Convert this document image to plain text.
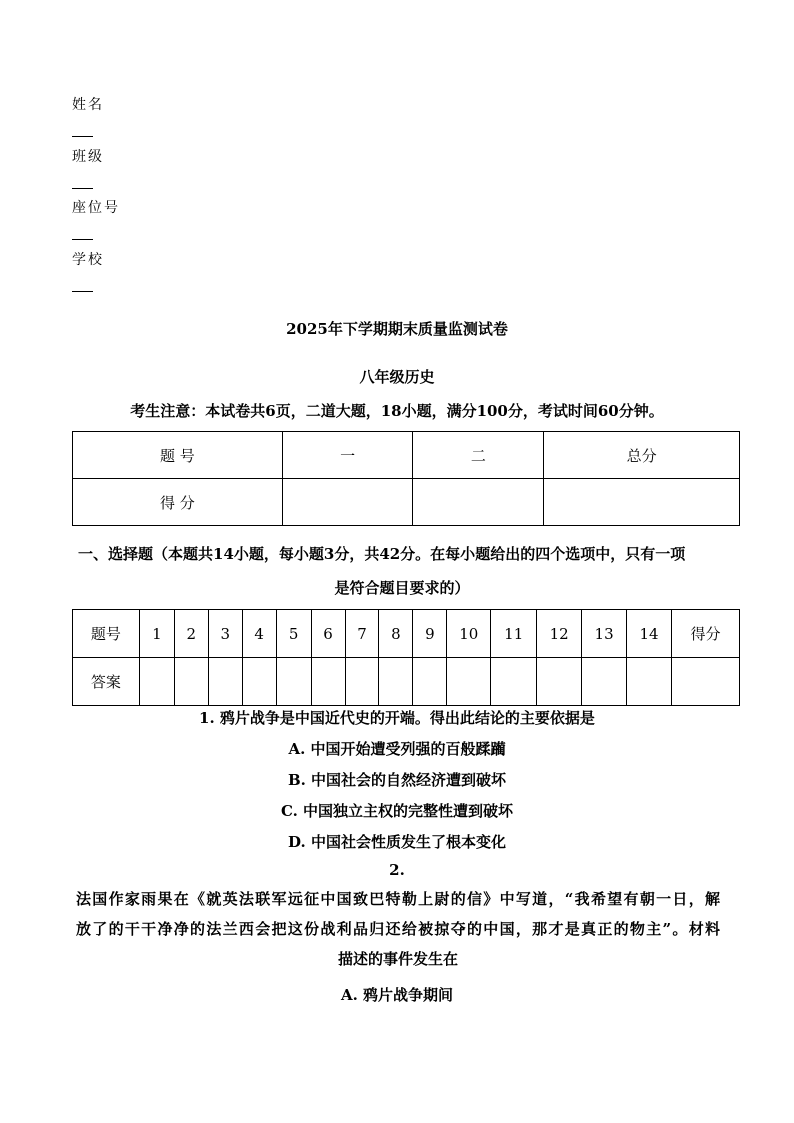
姓名
班级
座位号
学校
2025年下学期期末质量监测试卷
八年级历史
考生注意：本试卷共6页，二道大题，18小题，满分100分，考试时间60分钟。
题 号	一	二	总分
得 分			
一、选择题（本题共14小题，每小题3分，共42分。在每小题给出的四个选项中，只有一项
是符合题目要求的）
题号	1	2	3	4	5	6	7	8	9	10	11	12	13	14	得分
答案															
1. 鸦片战争是中国近代史的开端。得出此结论的主要依据是
A. 中国开始遭受列强的百般蹂躏
B. 中国社会的自然经济遭到破坏
C. 中国独立主权的完整性遭到破坏
D. 中国社会性质发生了根本变化
2.
法国作家雨果在《就英法联军远征中国致巴特勒上尉的信》中写道，“我希望有朝一日，解
放了的干干净净的法兰西会把这份战利品归还给被掠夺的中国，那才是真正的物主”。材料
描述的事件发生在
A. 鸦片战争期间
